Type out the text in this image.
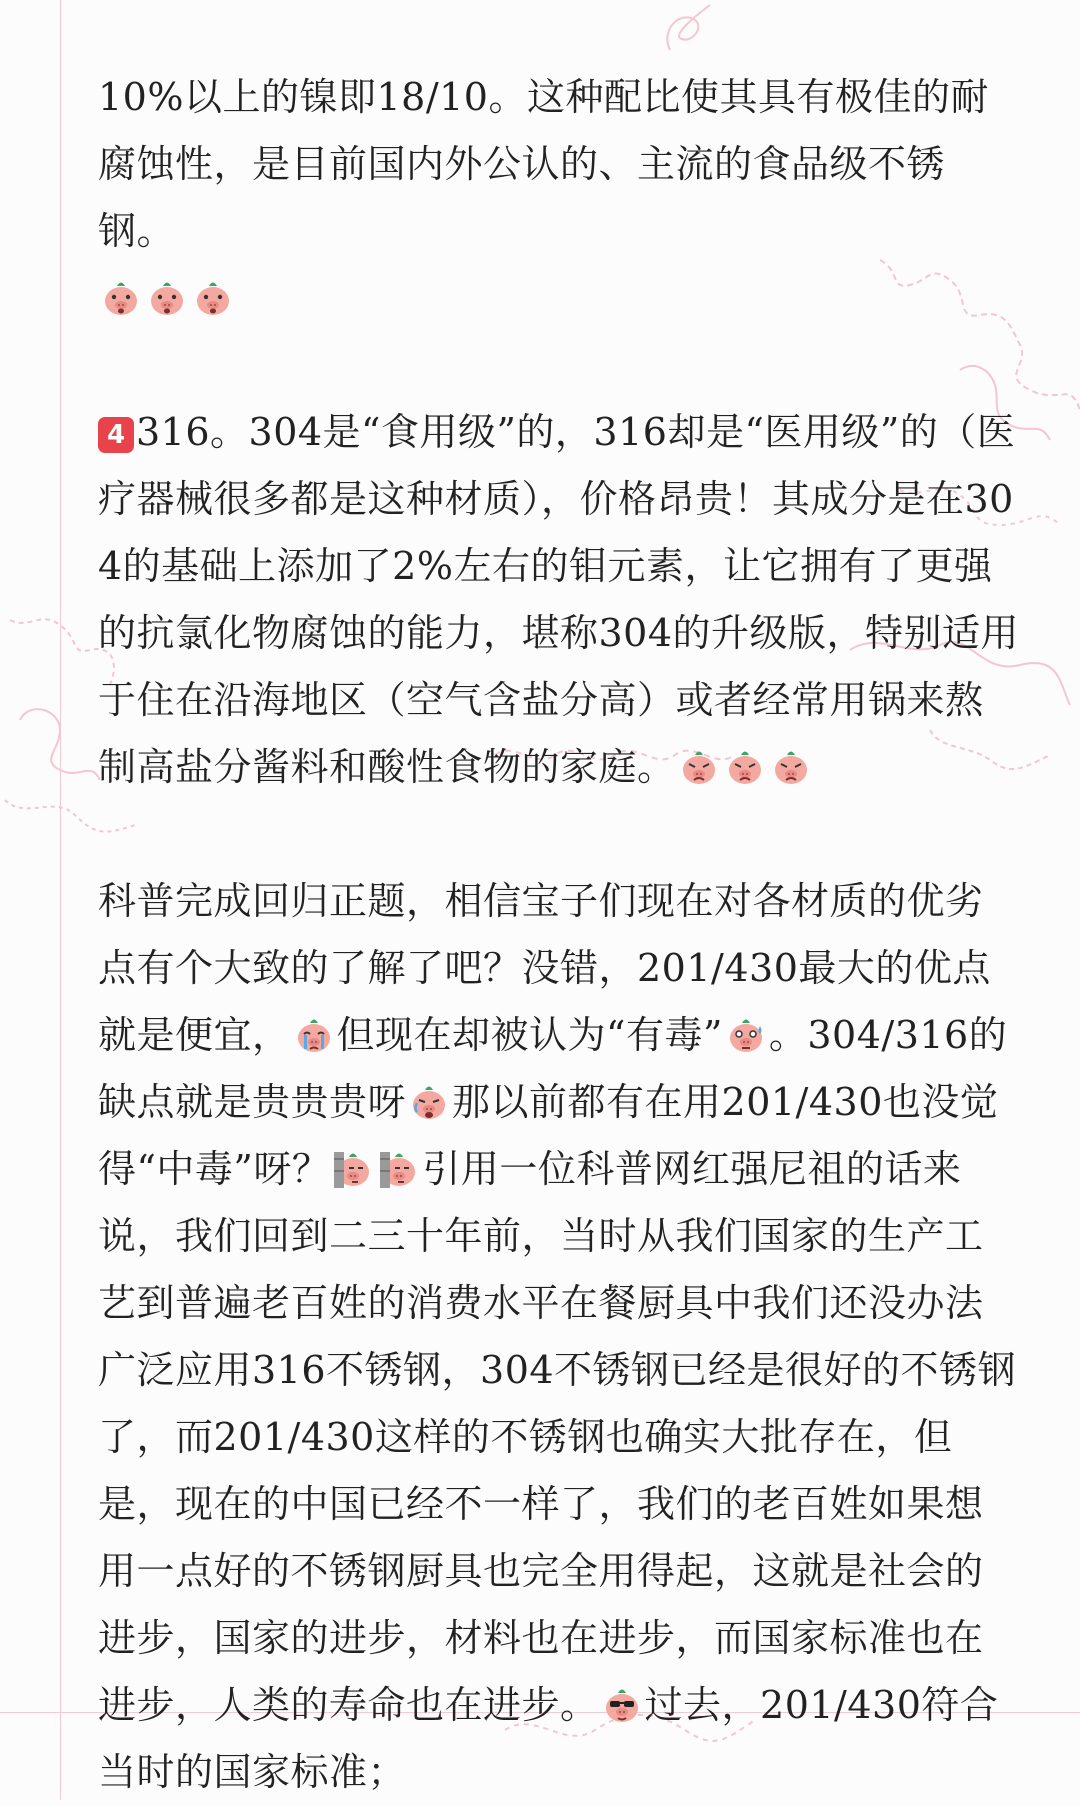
10%以上的镍即18/10。这种配比使其具有极佳的耐腐蚀性，是目前国内外公认的、主流的食品级不锈钢。

4 316。304是“食用级”的，316却是“医用级”的（医疗器械很多都是这种材质），价格昂贵！其成分是在304的基础上添加了2%左右的钼元素，让它拥有了更强的抗氯化物腐蚀的能力，堪称304的升级版，特别适用于住在沿海地区（空气含盐分高）或者经常用锅来熬制高盐分酱料和酸性食物的家庭。

科普完成回归正题，相信宝子们现在对各材质的优劣点有个大致的了解了吧？没错，201/430最大的优点就是便宜， 但现在却被认为“有毒” 。304/316的缺点就是贵贵贵呀 那以前都有在用201/430也没觉得“中毒”呀？ 引用一位科普网红强尼祖的话来说，我们回到二三十年前，当时从我们国家的生产工艺到普遍老百姓的消费水平在餐厨具中我们还没办法广泛应用316不锈钢，304不锈钢已经是很好的不锈钢了，而201/430这样的不锈钢也确实大批存在，但是，现在的中国已经不一样了，我们的老百姓如果想用一点好的不锈钢厨具也完全用得起，这就是社会的进步，国家的进步，材料也在进步，而国家标准也在进步，人类的寿命也在进步。 过去，201/430符合当时的国家标准；
